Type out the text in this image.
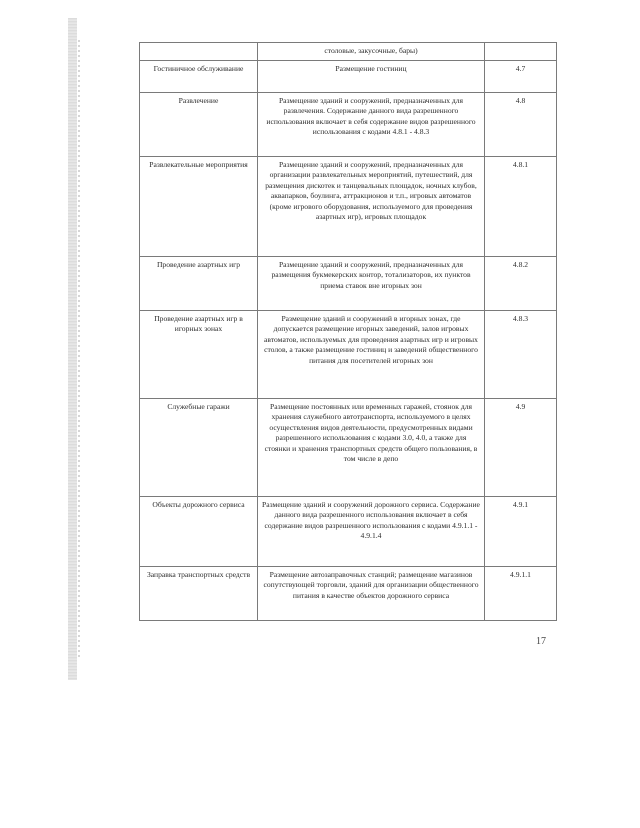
	столовые, закусочные, бары)	
Гостиничное обслуживание	Размещение гостиниц	4.7
Развлечение	Размещение зданий и сооружений, предназначенных для развлечения. Содержание данного вида разрешенного использования включает в себя содержание видов разрешенного использования с кодами 4.8.1 - 4.8.3	4.8
Развлекательные мероприятия	Размещение зданий и сооружений, предназначенных для организации развлекательных мероприятий, путешествий, для размещения дискотек и танцевальных площадок, ночных клубов, аквапарков, боулинга, аттракционов и т.п., игровых автоматов (кроме игрового оборудования, используемого для проведения азартных игр), игровых площадок	4.8.1
Проведение азартных игр	Размещение зданий и сооружений, предназначенных для размещения букмекерских контор, тотализаторов, их пунктов приема ставок вне игорных зон	4.8.2
Проведение азартных игр в игорных зонах	Размещение зданий и сооружений в игорных зонах, где допускается размещение игорных заведений, залов игровых автоматов, используемых для проведения азартных игр и игровых столов, а также размещение гостиниц и заведений общественного питания для посетителей игорных зон	4.8.3
Служебные гаражи	Размещение постоянных или временных гаражей, стоянок для хранения служебного автотранспорта, используемого в целях осуществления видов деятельности, предусмотренных видами разрешенного использования с кодами 3.0, 4.0, а также для стоянки и хранения транспортных средств общего пользования, в том числе в депо	4.9
Объекты дорожного сервиса	Размещение зданий и сооружений дорожного сервиса. Содержание данного вида разрешенного использования включает в себя содержание видов разрешенного использования с кодами 4.9.1.1 - 4.9.1.4	4.9.1
Заправка транспортных средств	Размещение автозаправочных станций; размещение магазинов сопутствующей торговли, зданий для организации общественного питания в качестве объектов дорожного сервиса	4.9.1.1
17
